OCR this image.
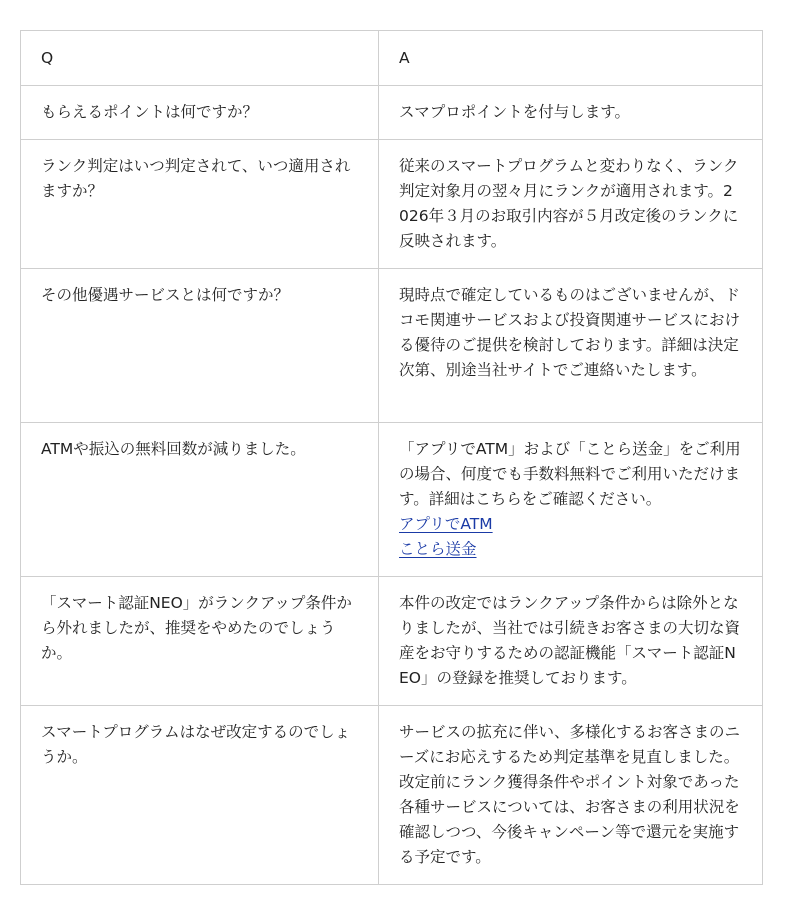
Q	A
もらえるポイントは何ですか？	スマプロポイントを付与します。
ランク判定はいつ判定されて、いつ適用されますか？	従来のスマートプログラムと変わりなく、ランク判定対象月の翌々月にランクが適用されます。2026年３月のお取引内容が５月改定後のランクに反映されます。
その他優遇サービスとは何ですか？	現時点で確定しているものはございませんが、ドコモ関連サービスおよび投資関連サービスにおける優待のご提供を検討しております。詳細は決定次第、別途当社サイトでご連絡いたします。
ATMや振込の無料回数が減りました。	「アプリでATM」および「ことら送金」をご利用の場合、何度でも手数料無料でご利用いただけます。詳細はこちらをご確認ください。
アプリでATM
ことら送金

「スマート認証NEO」がランクアップ条件から外れましたが、推奨をやめたのでしょうか。	本件の改定ではランクアップ条件からは除外となりましたが、当社では引続きお客さまの大切な資産をお守りするための認証機能「スマート認証NEO」の登録を推奨しております。
スマートプログラムはなぜ改定するのでしょうか。	サービスの拡充に伴い、多様化するお客さまのニーズにお応えするため判定基準を見直しました。改定前にランク獲得条件やポイント対象であった各種サービスについては、お客さまの利用状況を確認しつつ、今後キャンペーン等で還元を実施する予定です。
